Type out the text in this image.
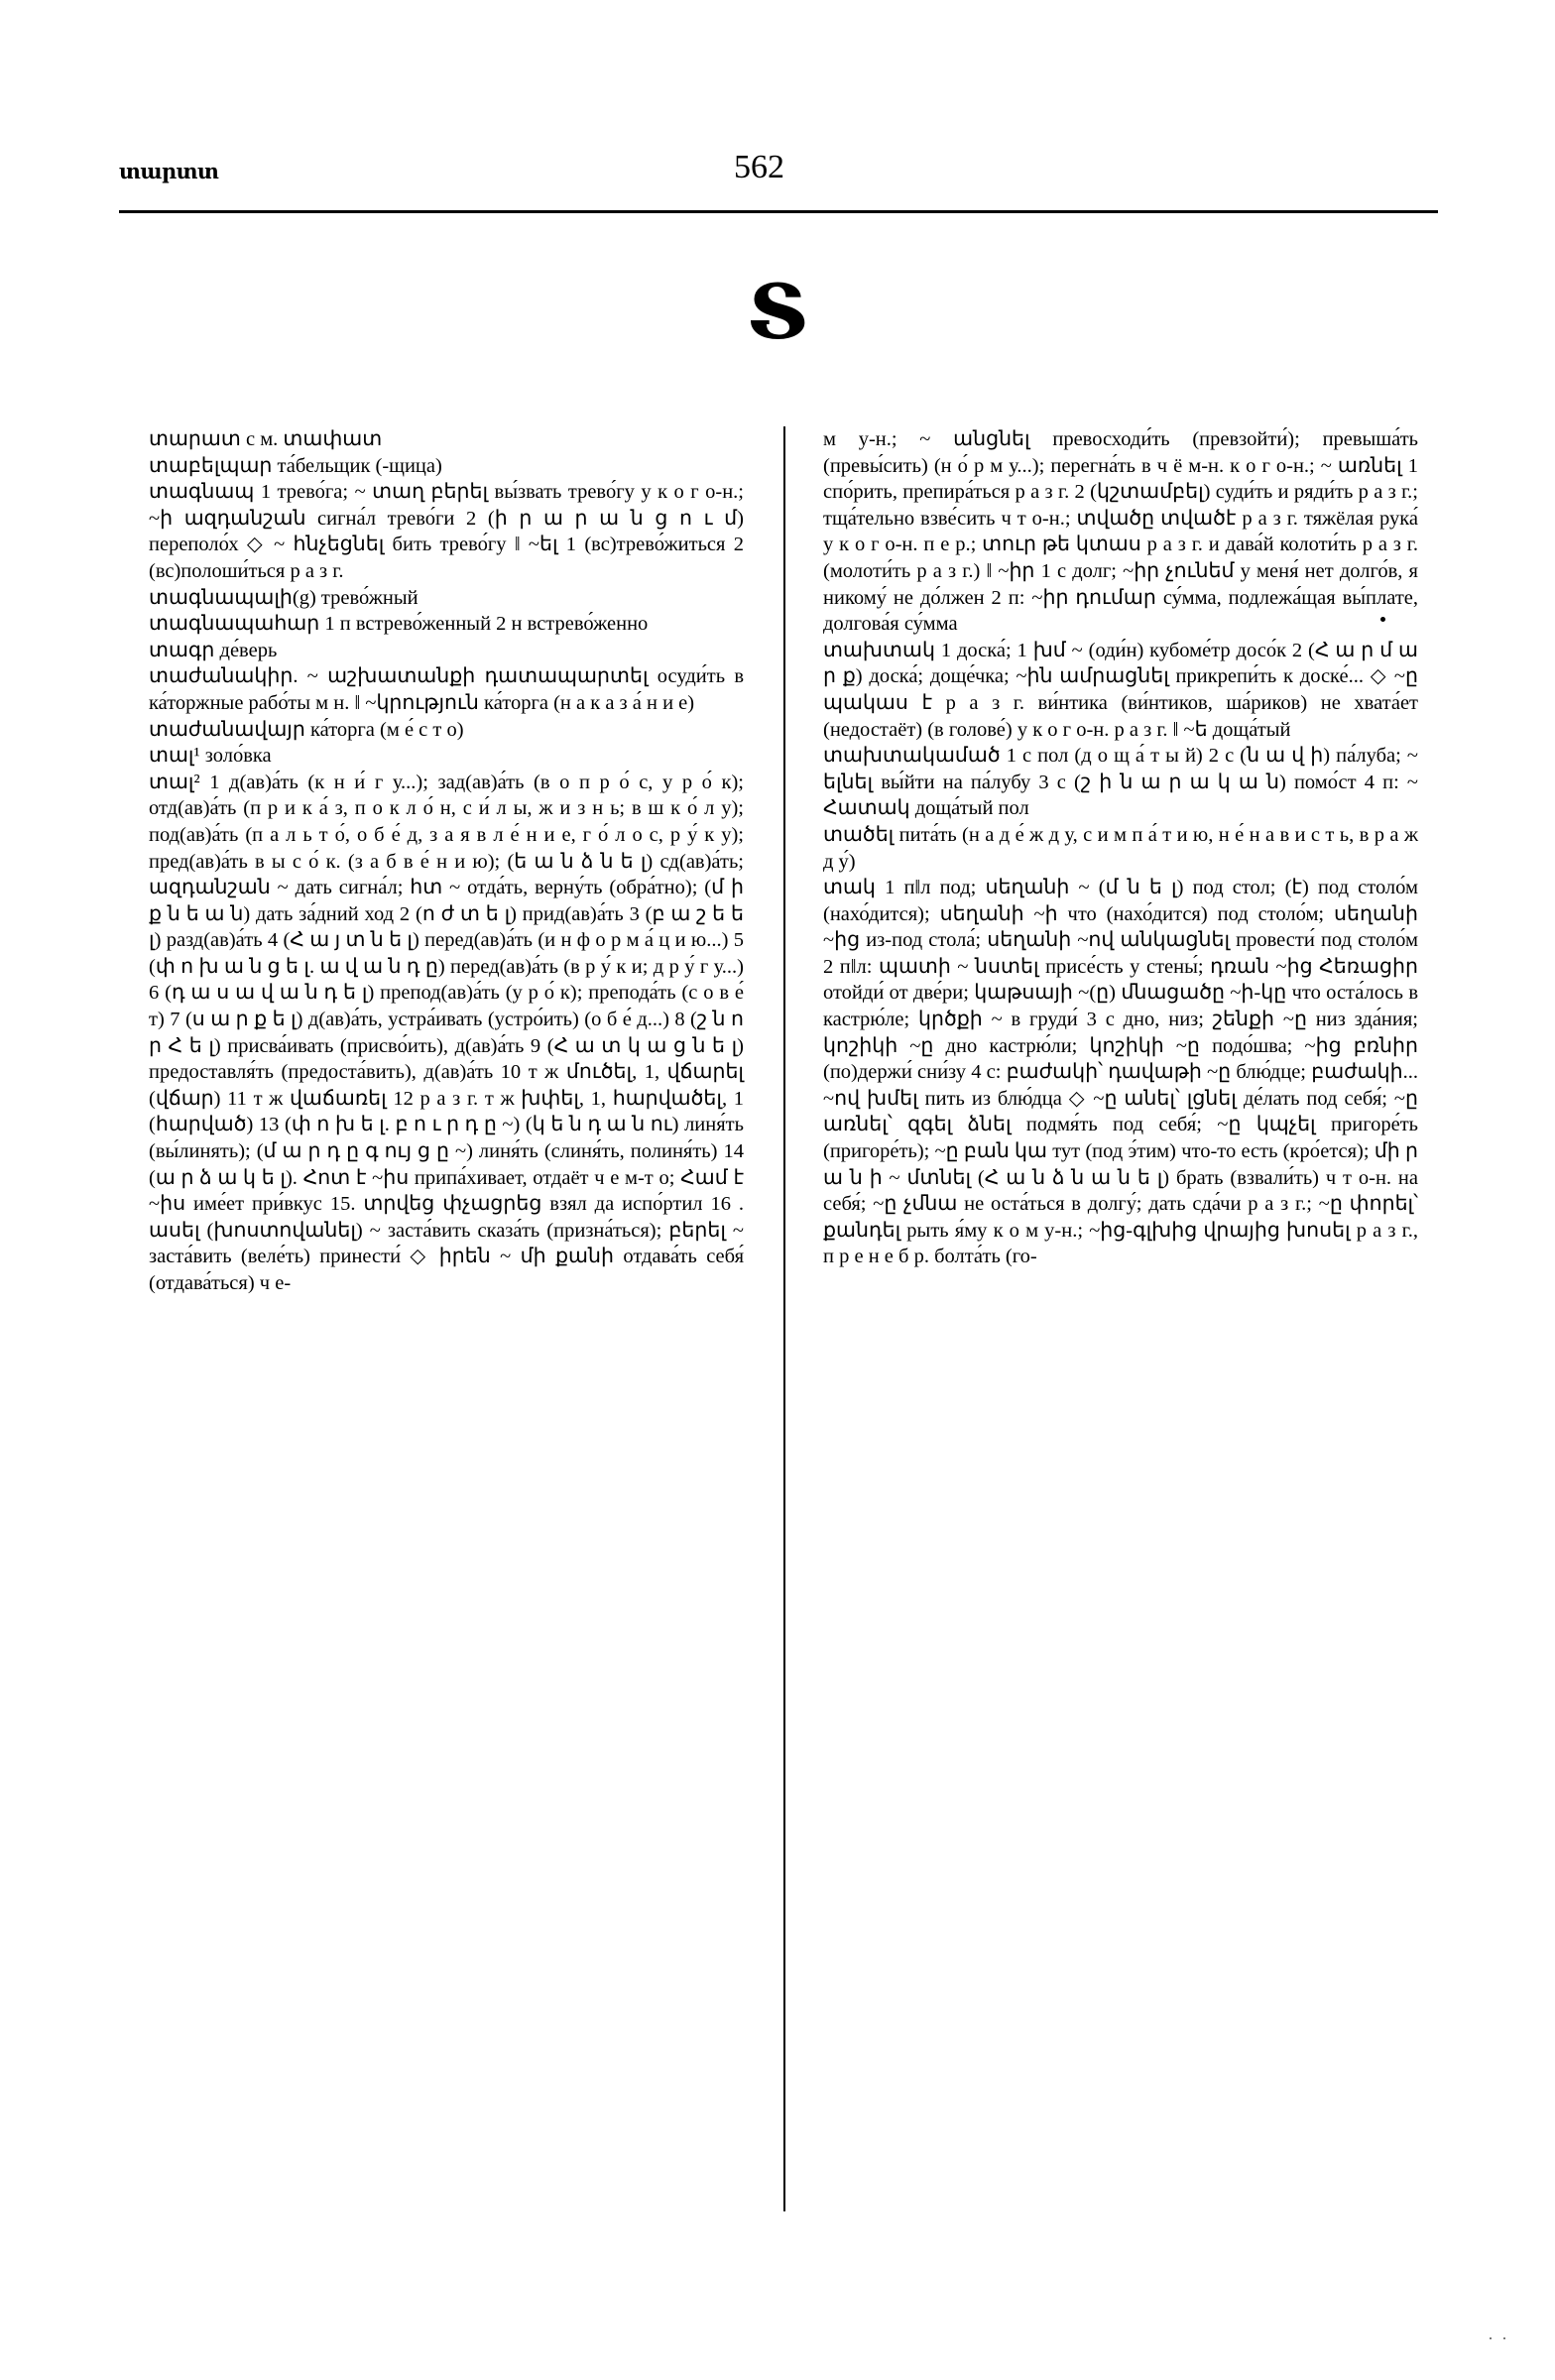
տարտտ	562
Տ

տարատ с м. տափատ

տաբելպար та́бельщик (-щица)

տագնապ 1 трево́га; ~ տաղ բերել вы́звать трево́гу у к о г о-н.; ~ի ազդանշան сигна́л трево́ги 2 (ի ր ա ր ա ն ց ո ւ մ) переполо́х ◇ ~ հնչեցնել бить трево́гу ‖ ~ել 1 (вс)трево́житься 2 (вс)полоши́ться р а з г.

տագնապալի(g) трево́жный

տագնապահար 1 п встрево́женный 2 н встрево́женно

տագր де́верь

տաժանակիր. ~ աշխատանքի դատապարտել осуди́ть в ка́торжные рабо́ты м н. ‖ ~կրություն ка́торга (н а к а з а́ н и е)

տաժանավայր ка́торга (м е́ с т о)

տալ¹ золо́вка

տալ² 1 д(ав)а́ть (к н и́ г у...); зад(ав)а́ть (в о п р о́ с, у р о́ к); отд(ав)а́ть (п р и к а́ з, п о к л о́ н, с и́ л ы, ж и з н ь; в ш к о́ л у); под(ав)а́ть (п а л ь т о́, о б е́ д, з а я в л е́ н и е, г о́ л о с, р у́ к у); пред(ав)а́ть в ы с о́ к. (з а б в е́ н и ю); (ե ա ն ձ ն ե լ) сд(ав)а́ть; ազդանշան ~ дать сигна́л; հտ ~ отда́ть, верну́ть (обра́тно); (մ ի ք ն ե ա ն) дать за́дний ход 2 (ո ժ տ ե լ) прид(ав)а́ть 3 (բ ա շ ե ե լ) разд(ав)а́ть 4 (Հ ա յ տ ն ե լ) перед(ав)а́ть (и н ф о р м а́ ц и ю...) 5 (փ ո խ ա ն ց ե լ. ա վ ա ն դ ը) перед(ав)а́ть (в р у́ к и; д р у́ г у...) 6 (դ ա ս ա վ ա ն դ ե լ) препод(ав)а́ть (у р о́ к); препода́ть (с о в е́ т) 7 (ս ա ր ք ե լ) д(ав)а́ть, устра́ивать (устро́ить) (о б е́ д...) 8 (շ ն ո ր Հ ե լ) присва́ивать (присво́ить), д(ав)а́ть 9 (Հ ա տ կ ա ց ն ե լ) предоставля́ть (предоста́вить), д(ав)а́ть 10 т ж մուծել, 1, վճարել (վճար) 11 т ж վաճառել 12 р а з г. т ж խփել, 1, հարվածել, 1 (հարված) 13 (փ ո խ ե լ. բ ո ւ ր դ ը ~) (կ ե ն դ ա ն ու) линя́ть (вы́линять); (մ ա ր դ ը գ ույ ց ը ~) линя́ть (слиня́ть, полиня́ть) 14 (ա ր ձ ա կ ե լ). Հոտ է ~իս припа́хивает, отдаёт ч е м-т о; Համ է ~իս име́ет при́вкус 15. տրվեց փչացրեց взял да испо́ртил 16 . ասել (խոստովանել) ~ заста́вить сказа́ть (призна́ться); բերել ~ заста́вить (веле́ть) принести́ ◇ իրեն ~ մի քանի отдава́ть себя́ (отдава́ться) ч е-

м у-н.; ~ անցնել превосходи́ть (превзойти́); превыша́ть (превы́сить) (н о́ р м у...); перегна́ть в ч ё м-н. к о г о-н.; ~ առնել 1 спо́рить, препира́ться р а з г. 2 (կշտամբել) суди́ть и ряди́ть р а з г.; тща́тельно взве́сить ч т о-н.; տվածը տվածէ р а з г. тяжёлая рука́ у к о г о-н. п е р.; տուր թե կտաս р а з г. и дава́й колоти́ть р а з г. (молоти́ть р а з г.) ‖ ~իր 1 с долг; ~իր չունեմ у меня́ нет долго́в, я никому́ не до́лжен 2 п: ~իր դումար су́мма, подлежа́щая вы́плате, долгова́я су́мма

տախտակ 1 доска́; 1 խմ ~ (оди́н) кубоме́тр досо́к 2 (Հ ա ր մ ա ր ք) доска́; доще́чка; ~ին ամրացնել прикрепи́ть к доске́... ◇ ~ը պակաս է р а з г. ви́нтика (ви́нтиков, ша́риков) не хвата́ет (недостаёт) (в голове́) у к о г о-н. р а з г. ‖ ~ե доща́тый

տախտակամած 1 с пол (д о щ а́ т ы й) 2 с (ն ա վ ի) па́луба; ~ ելնել вы́йти на па́лубу 3 с (շ ի ն ա ր ա կ ա ն) помо́ст 4 п: ~ Հատակ доща́тый пол

տածել пита́ть (н а д е́ ж д у, с и м п а́ т и ю, н е́ н а в и с т ь, в р а ж д у́)

տակ 1 п‖л под; սեղանի ~ (մ ն ե լ) под стол; (է) под столо́м (нахо́дится); սեղանի ~ի что (нахо́дится) под столо́м; սեղանի ~ից из-под стола́; սեղանի ~ով անկացնել провести́ под столо́м 2 п‖л: պատի ~ նստել присе́сть у стены́; դռան ~ից Հեռացիր отойди́ от две́ри; կաթսայի ~(ը) մնացածը ~ի-կը что оста́лось в кастрю́ле; կրծքի ~ в груди́ 3 с дно, низ; շենքի ~ը низ зда́ния; կոշիկի ~ը дно кастрю́ли; կոշիկի ~ը подо́шва; ~ից բռնիր (по)держи́ сни́зу 4 с: բաժակի՝ դավաթի ~ը блю́дце; բաժակի... ~ով խմել пить из блю́дца ◇ ~ը անել՝ լցնել де́лать под себя́; ~ը առնել՝ զգել ձնել подмя́ть под себя́; ~ը կպչել пригоре́ть (пригоре́ть); ~ը բան կա тут (под э́тим) что-то есть (кро́ется); մի ր ա ն ի ~ մտնել (Հ ա ն ձ ն ա ն ե լ) брать (взвали́ть) ч т о-н. на себя́; ~ը չմնա не оста́ться в долгу́; дать сда́чи р а з г.; ~ը փորել՝ քանդել рыть я́му к о м у-н.; ~ից-գլխից վրայից խոսել р а з г., п р е н е б р. болта́ть (го-

. .
